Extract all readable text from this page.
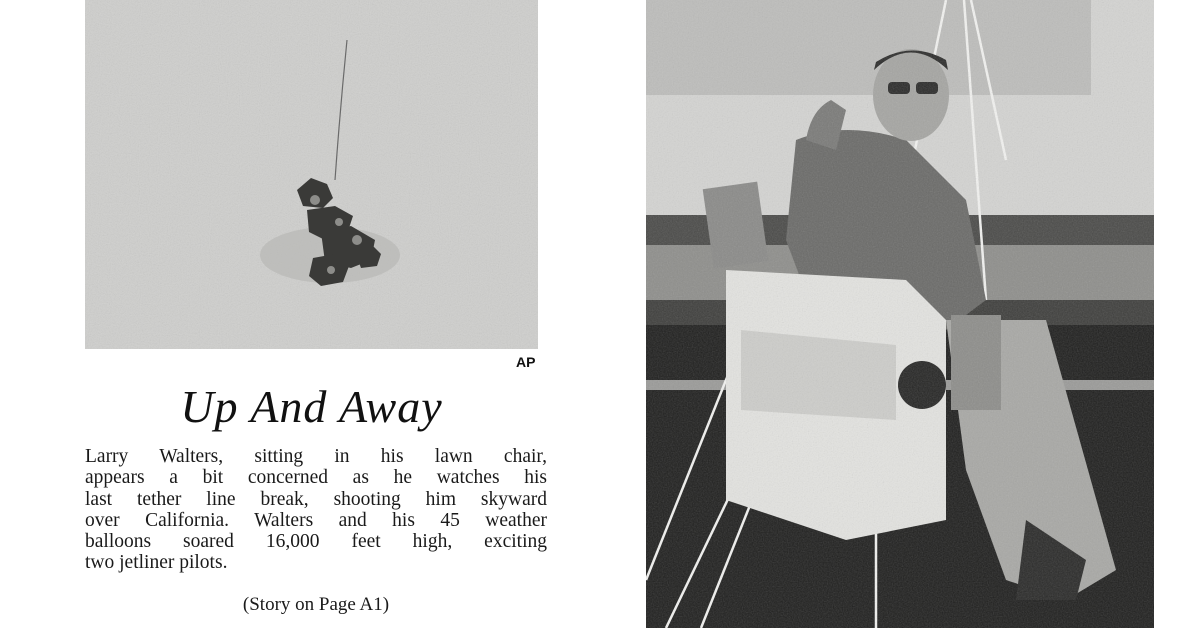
AP
Up And Away
Larry Walters, sitting in his lawn chair,
appears a bit concerned as he watches his
last tether line break, shooting him skyward
over California. Walters and his 45 weather
balloons soared 16,000 feet high, exciting
two jetliner pilots.
(Story on Page A1)
